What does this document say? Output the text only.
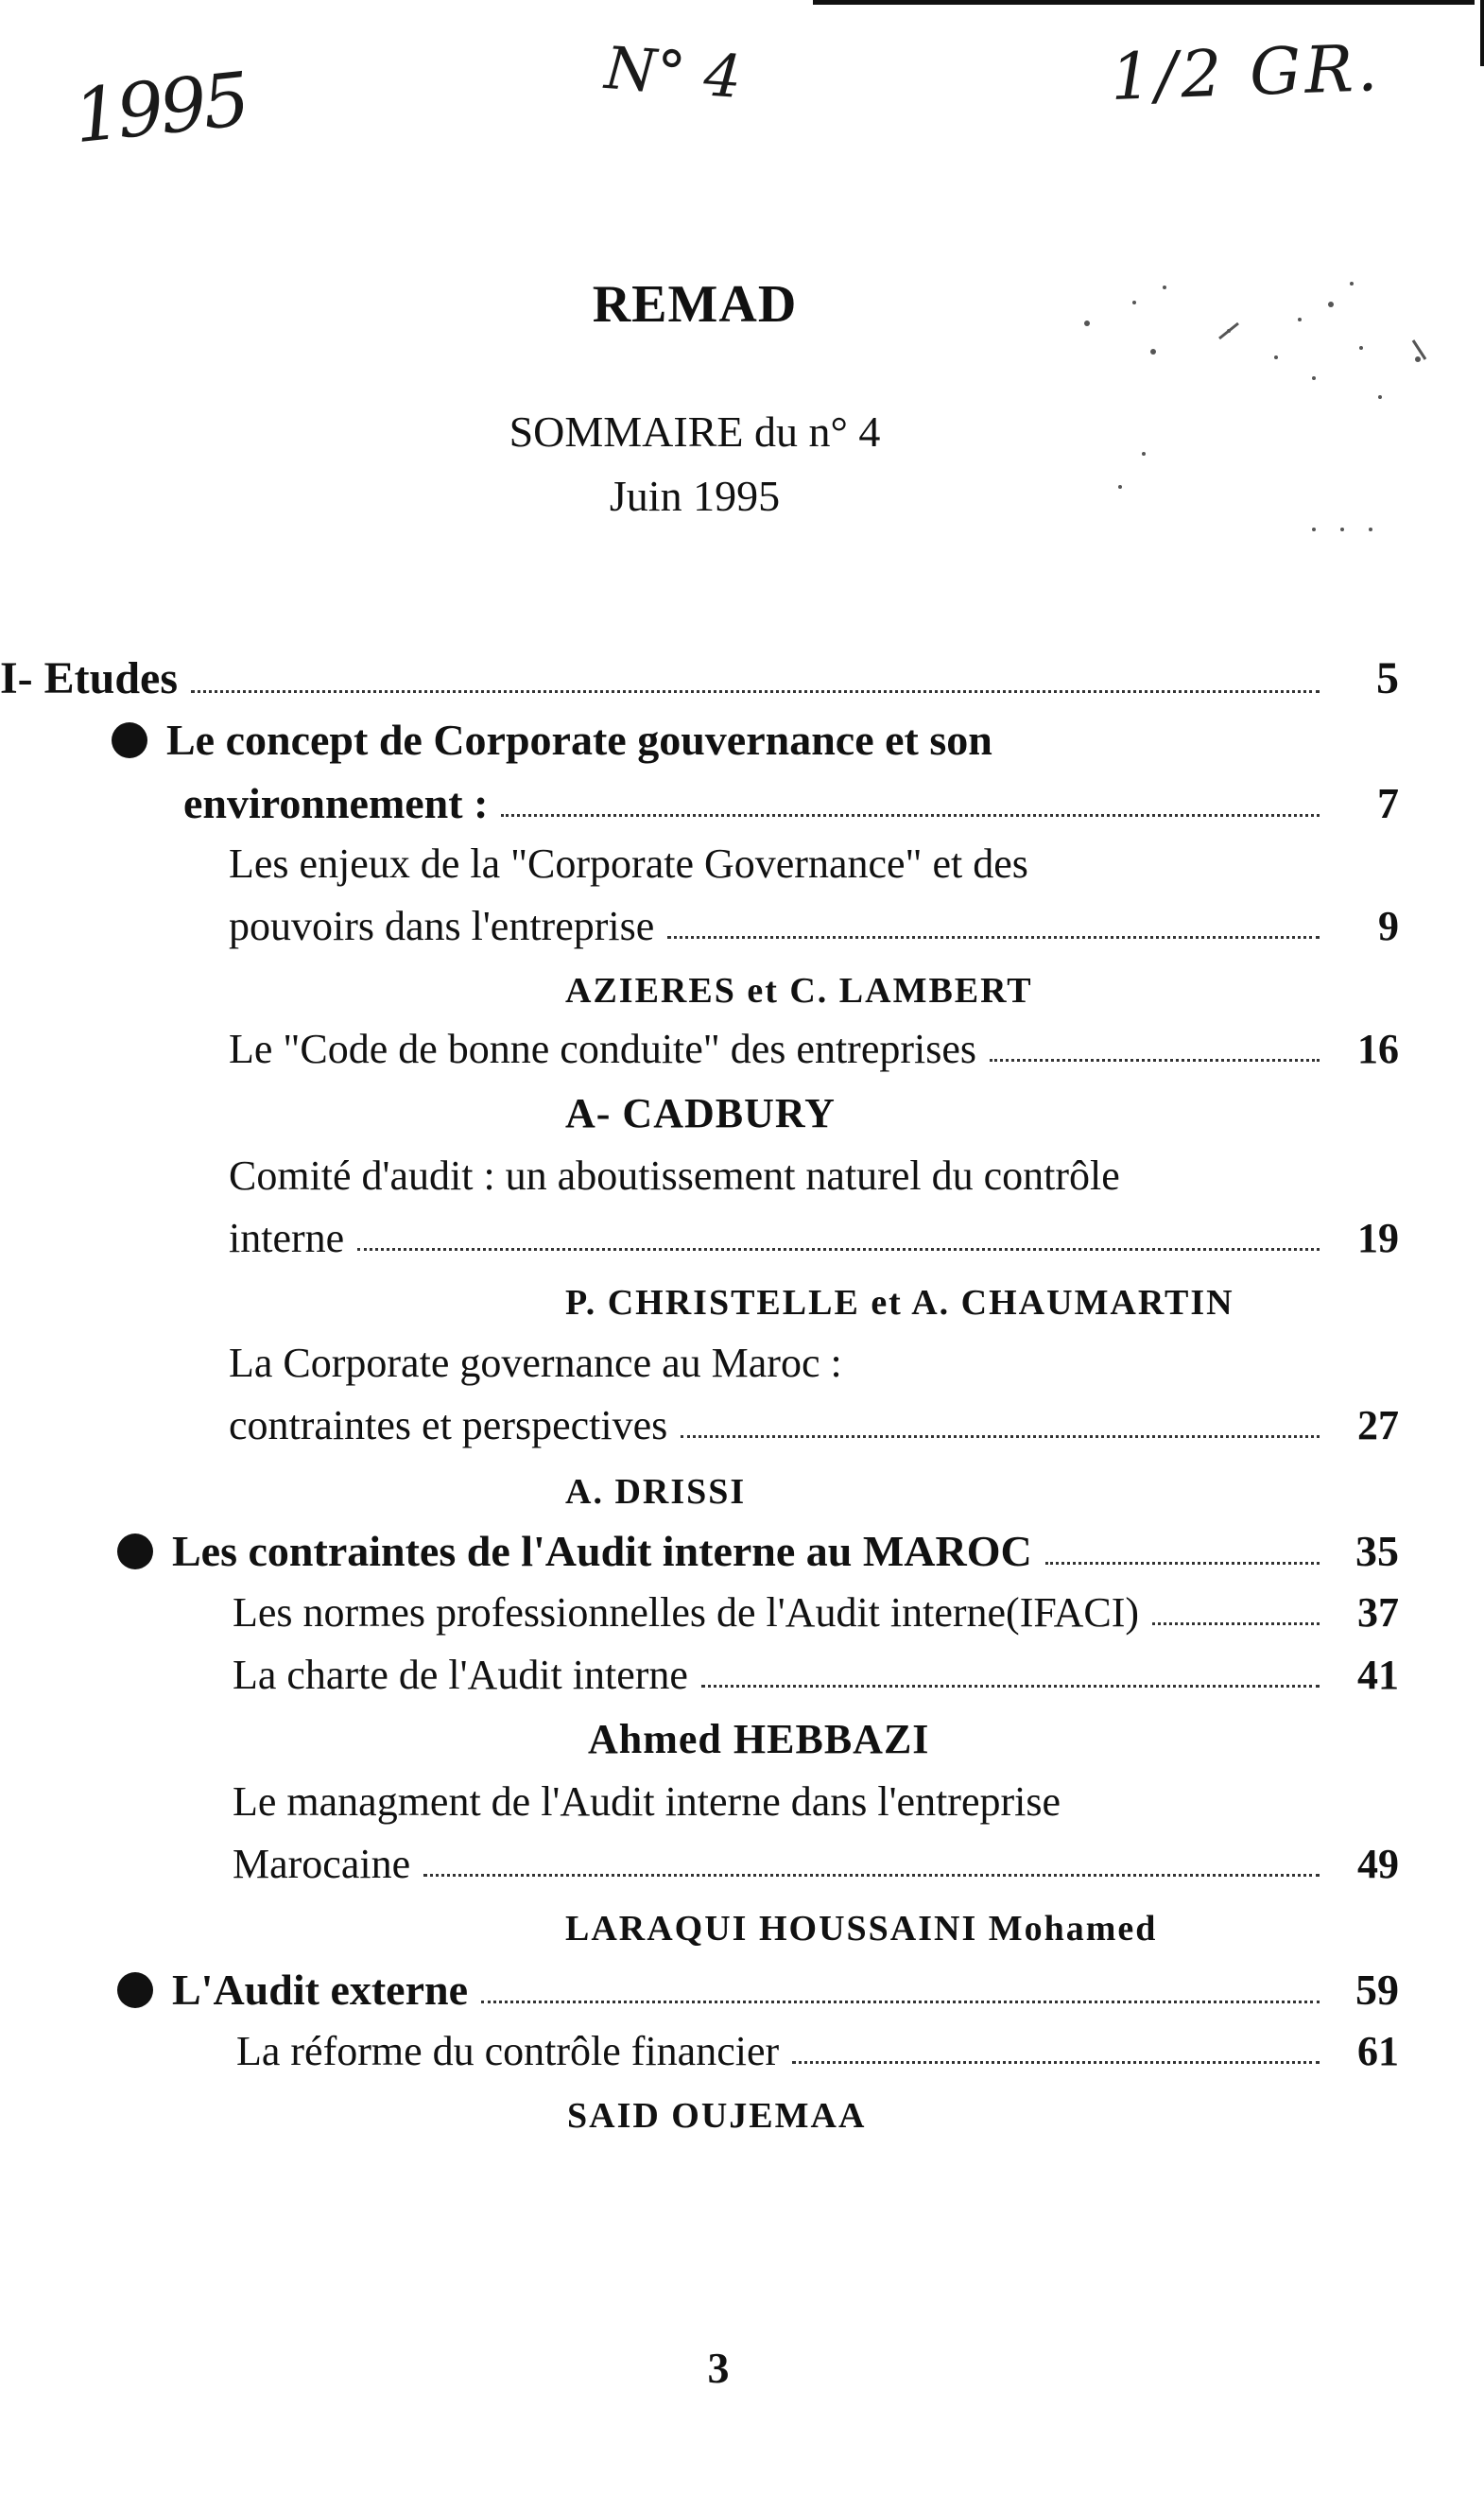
1995	N° 4	1/2 GR.
REMAD
SOMMAIRE du n° 4
Juin 1995
I- Etudes	5
Le concept de Corporate gouvernance et son
environnement :	7
Les enjeux de la "Corporate Governance" et des
pouvoirs dans l'entreprise	9
AZIERES et C. LAMBERT
Le "Code de bonne conduite" des entreprises	16
A- CADBURY
Comité d'audit : un aboutissement naturel du contrôle
interne	19
P. CHRISTELLE et A. CHAUMARTIN
La Corporate governance au Maroc :
contraintes et perspectives	27
A. DRISSI
Les contraintes de l'Audit interne au MAROC	35
Les normes professionnelles de l'Audit interne(IFACI)	37
La charte de l'Audit interne	41
Ahmed HEBBAZI
Le managment de l'Audit interne dans l'entreprise
Marocaine	49
LARAQUI HOUSSAINI Mohamed
L'Audit externe	59
La réforme du contrôle financier	61
SAID OUJEMAA
3
